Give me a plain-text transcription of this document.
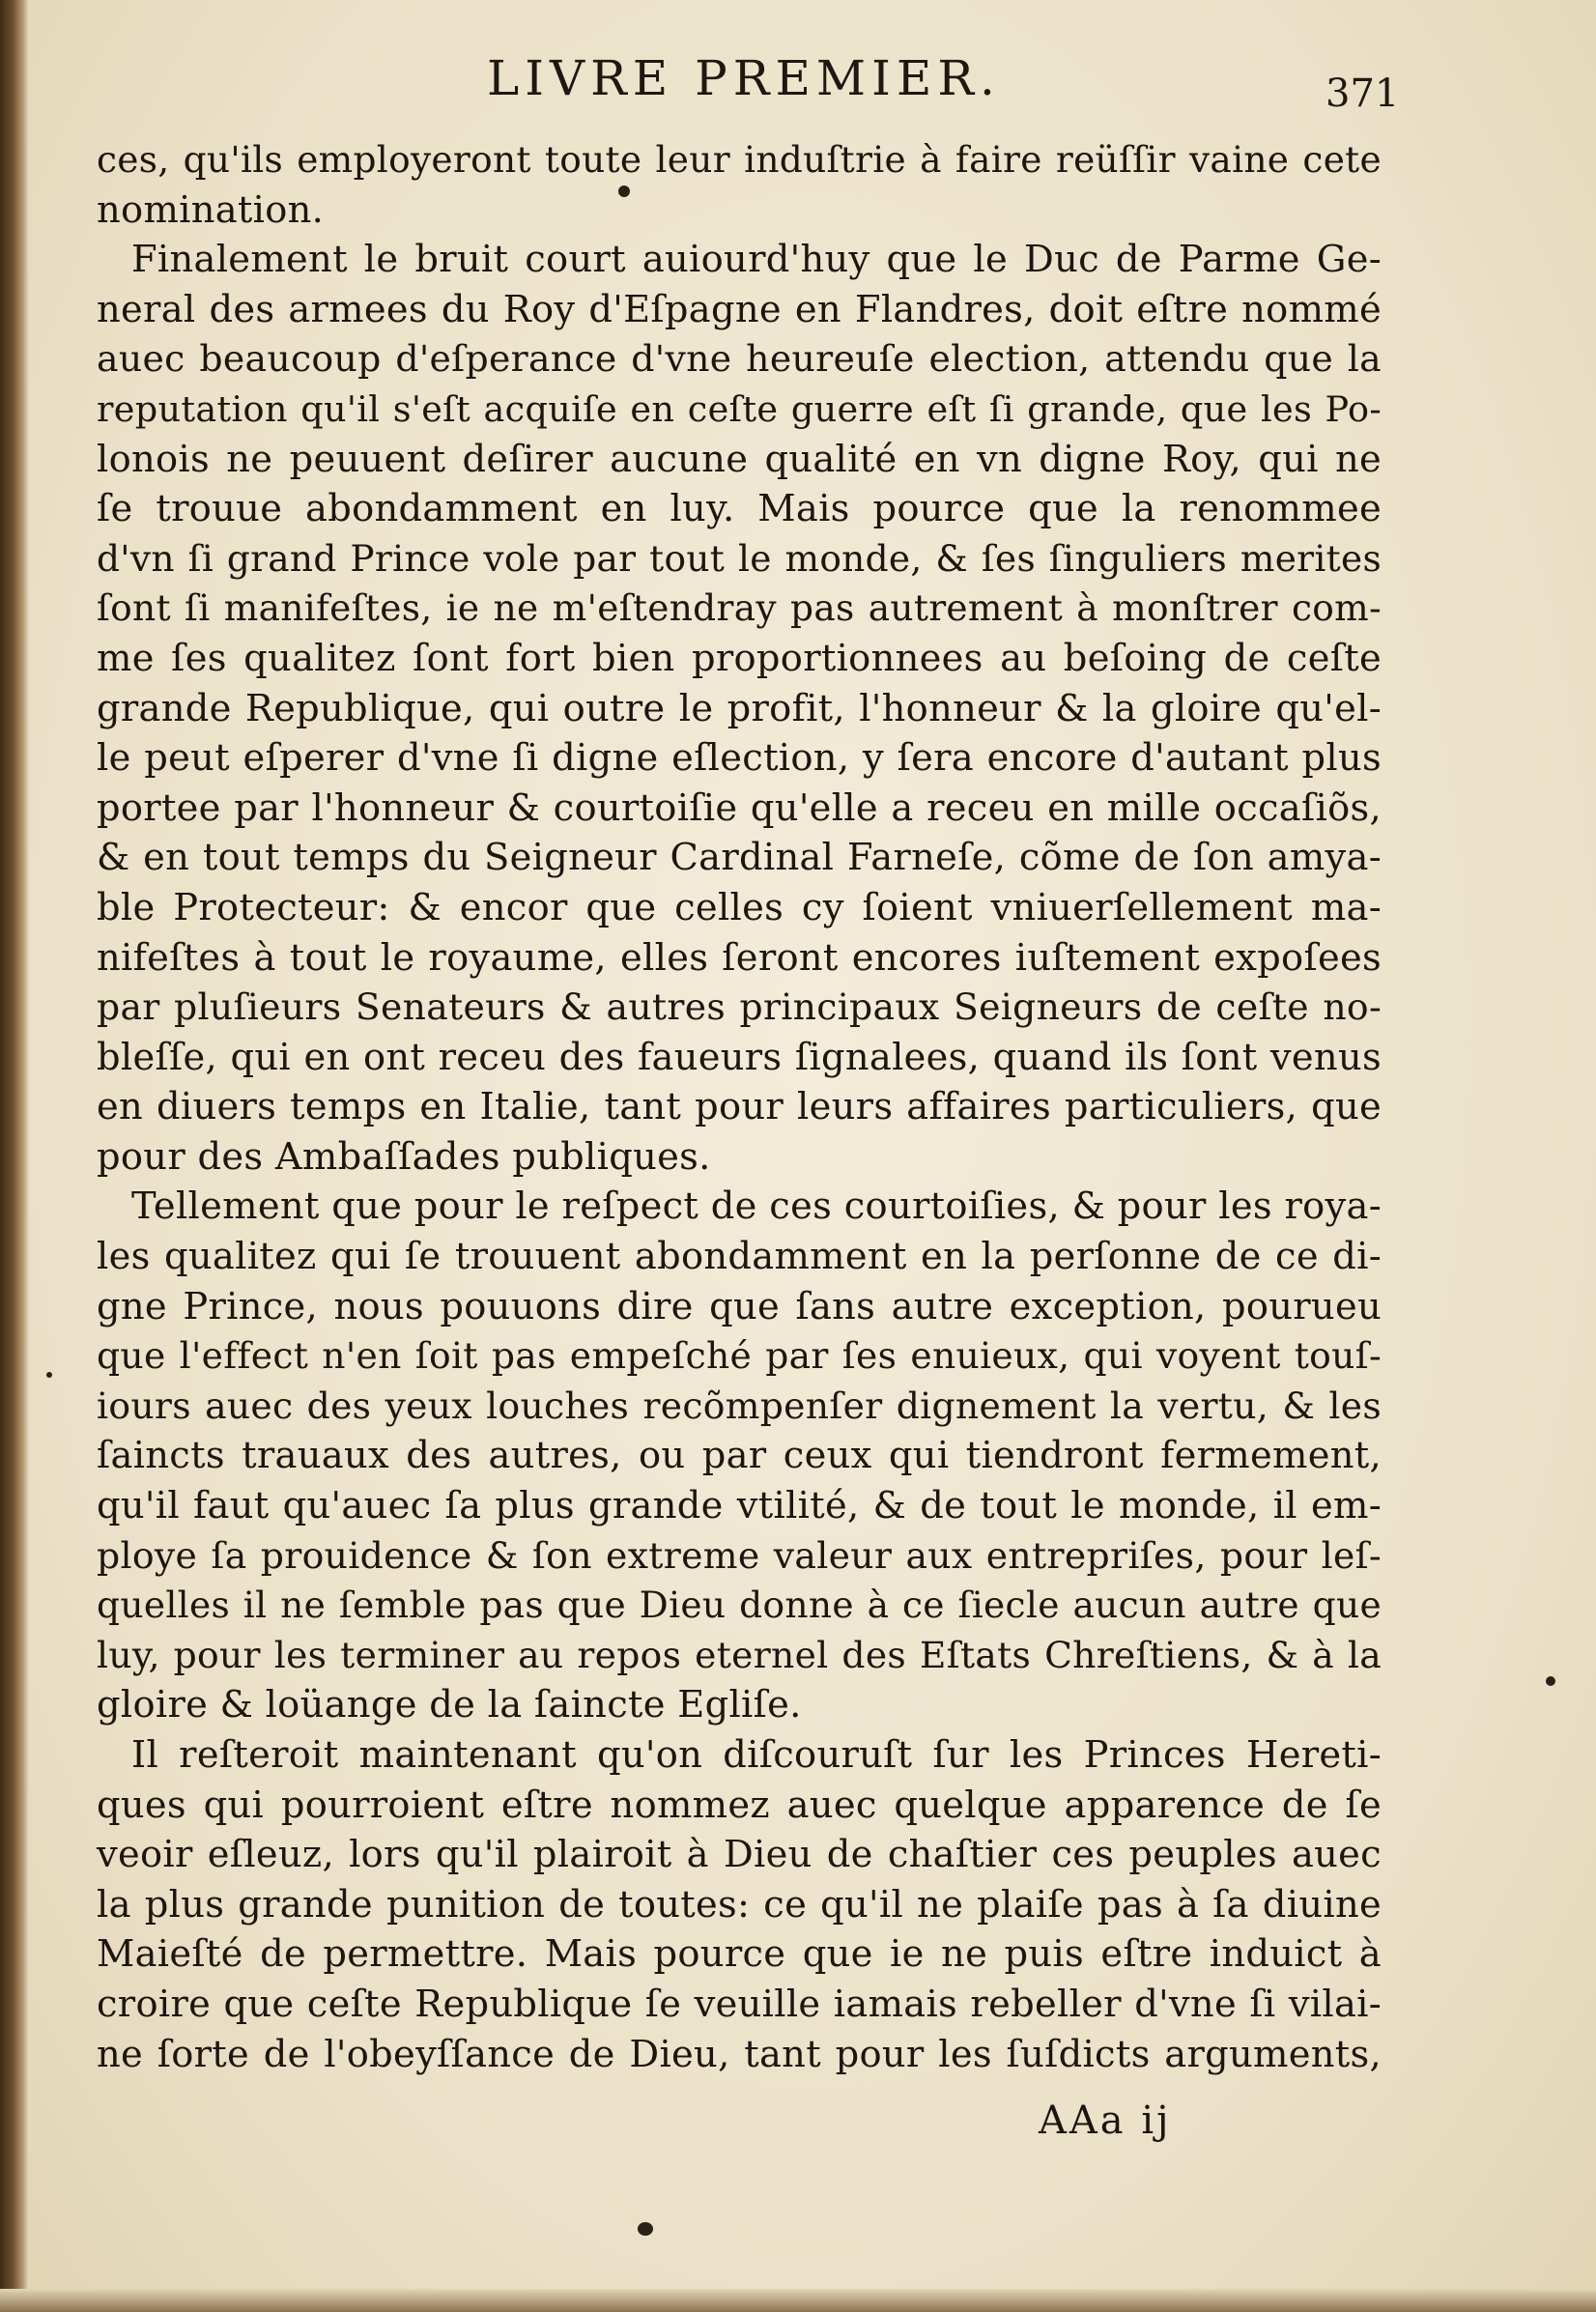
LIVRE PREMIER.	371
ces, qu'ils employeront toute leur induſtrie à faire reüſſir vaine cete
nomination.
Finalement le bruit court auiourd'huy que le Duc de Parme Ge-
neral des armees du Roy d'Eſpagne en Flandres, doit eſtre nommé
auec beaucoup d'eſperance d'vne heureuſe election, attendu que la
reputation qu'il s'eſt acquiſe en ceſte guerre eſt ſi grande, que les Po-
lonois ne peuuent deſirer aucune qualité en vn digne Roy, qui ne
ſe trouue abondamment en luy. Mais pource que la renommee
d'vn ſi grand Prince vole par tout le monde, & ſes ſinguliers merites
ſont ſi manifeſtes, ie ne m'eſtendray pas autrement à monſtrer com-
me ſes qualitez ſont fort bien proportionnees au beſoing de ceſte
grande Republique, qui outre le profit, l'honneur & la gloire qu'el-
le peut eſperer d'vne ſi digne eſlection, y ſera encore d'autant plus
portee par l'honneur & courtoiſie qu'elle a receu en mille occaſiõs,
& en tout temps du Seigneur Cardinal Farneſe, cõme de ſon amya-
ble Protecteur: & encor que celles cy ſoient vniuerſellement ma-
nifeſtes à tout le royaume, elles ſeront encores iuſtement expoſees
par pluſieurs Senateurs & autres principaux Seigneurs de ceſte no-
bleſſe, qui en ont receu des faueurs ſignalees, quand ils ſont venus
en diuers temps en Italie, tant pour leurs affaires particuliers, que
pour des Ambaſſades publiques.
Tellement que pour le reſpect de ces courtoiſies, & pour les roya-
les qualitez qui ſe trouuent abondamment en la perſonne de ce di-
gne Prince, nous pouuons dire que ſans autre exception, pourueu
que l'effect n'en ſoit pas empeſché par ſes enuieux, qui voyent touſ-
iours auec des yeux louches recõmpenſer dignement la vertu, & les
ſaincts trauaux des autres, ou par ceux qui tiendront fermement,
qu'il faut qu'auec ſa plus grande vtilité, & de tout le monde, il em-
ploye ſa prouidence & ſon extreme valeur aux entrepriſes, pour leſ-
quelles il ne ſemble pas que Dieu donne à ce ſiecle aucun autre que
luy, pour les terminer au repos eternel des Eſtats Chreſtiens, & à la
gloire & loüange de la ſaincte Egliſe.
Il reſteroit maintenant qu'on diſcouruſt ſur les Princes Hereti-
ques qui pourroient eſtre nommez auec quelque apparence de ſe
veoir eſleuz, lors qu'il plairoit à Dieu de chaſtier ces peuples auec
la plus grande punition de toutes: ce qu'il ne plaiſe pas à ſa diuine
Maieſté de permettre. Mais pource que ie ne puis eſtre induict à
croire que ceſte Republique ſe veuille iamais rebeller d'vne ſi vilai-
ne ſorte de l'obeyſſance de Dieu, tant pour les ſuſdicts arguments,
AAa ij
